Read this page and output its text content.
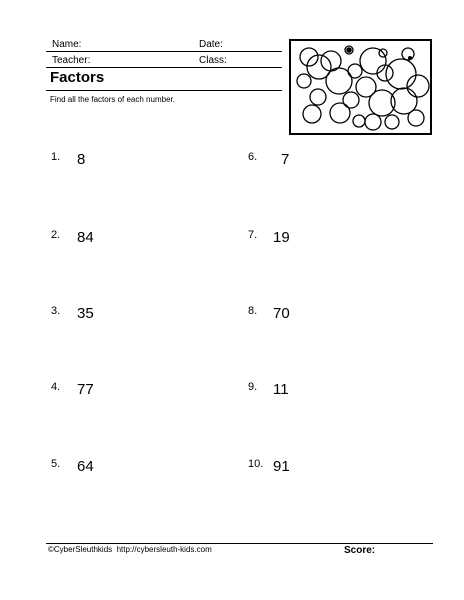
Name:	Date:
Teacher:	Class:
Factors
Find all the factors of each number.
1. 8
2. 84
3. 35
4. 77
5. 64
6. 7
7. 19
8. 70
9. 11
10. 91
©CyberSleuthkids  http://cybersleuth-kids.com	Score:
